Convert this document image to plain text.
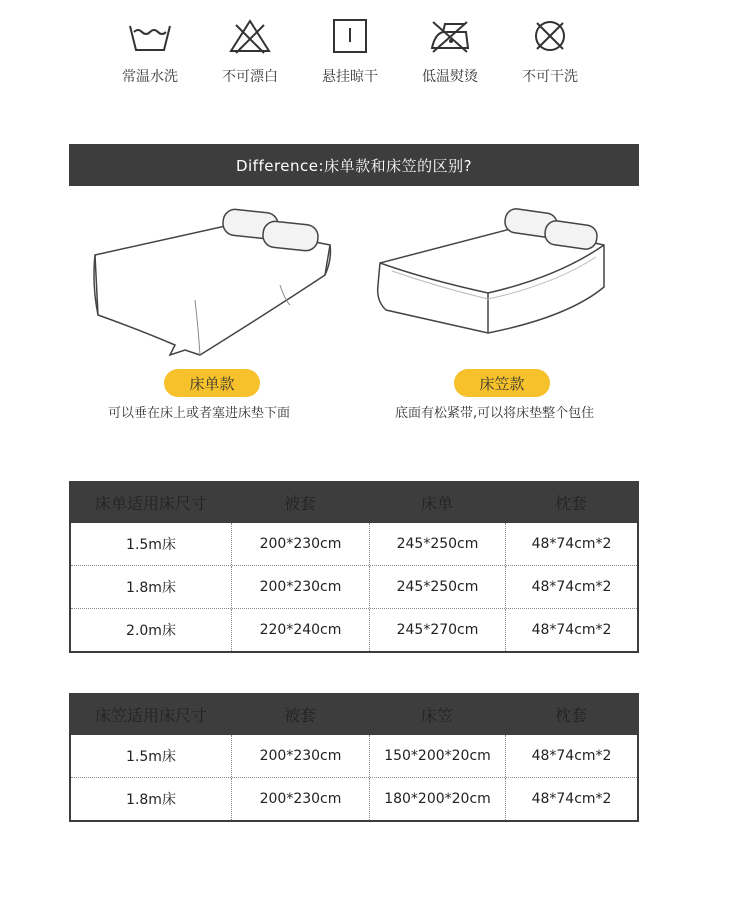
常温水洗	不可漂白	悬挂晾干	低温熨烫	不可干洗
Difference:床单款和床笠的区别?
床单款	床笠款
可以垂在床上或者塞进床垫下面	底面有松紧带,可以将床垫整个包住
床单适用床尺寸	被套	床单	枕套
1.5m床	200*230cm	245*250cm	48*74cm*2
1.8m床	200*230cm	245*250cm	48*74cm*2
2.0m床	220*240cm	245*270cm	48*74cm*2
床笠适用床尺寸	被套	床笠	枕套
1.5m床	200*230cm	150*200*20cm	48*74cm*2
1.8m床	200*230cm	180*200*20cm	48*74cm*2
